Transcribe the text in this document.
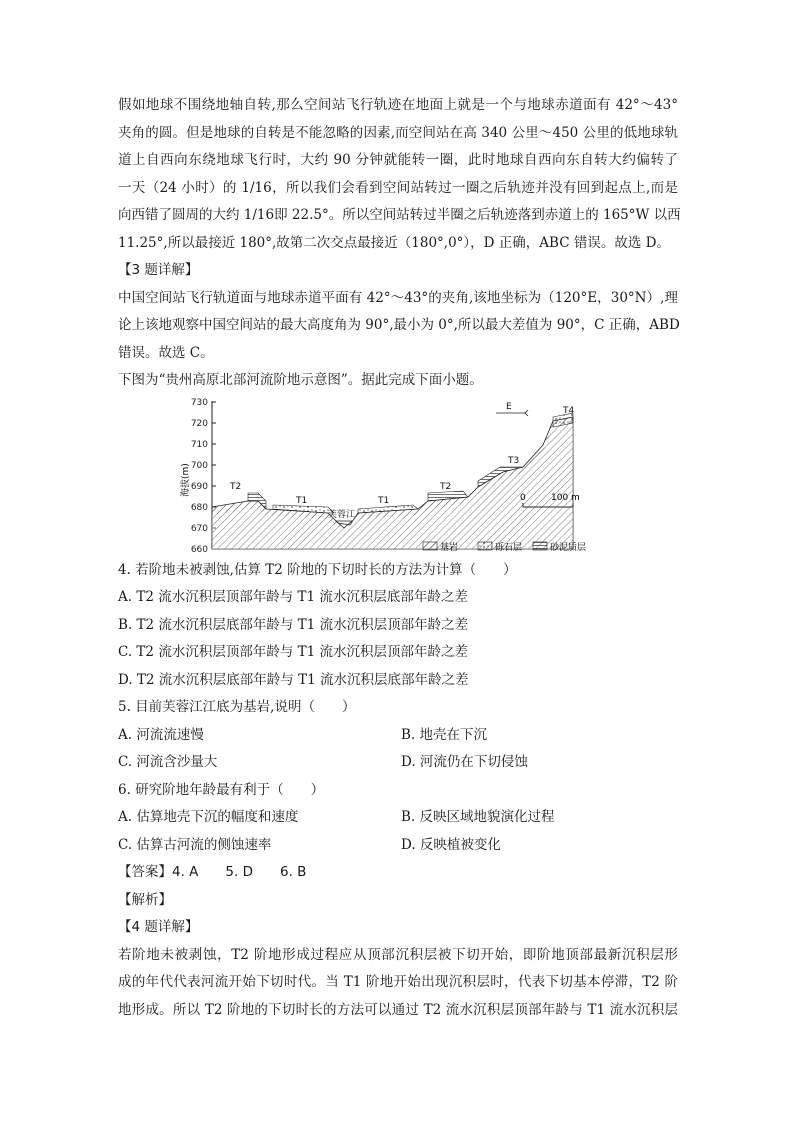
假如地球不围绕地轴自转,那么空间站飞行轨迹在地面上就是一个与地球赤道面有 42°～43°
夹角的圆。但是地球的自转是不能忽略的因素,而空间站在高 340 公里～450 公里的低地球轨
道上自西向东绕地球飞行时，大约 90 分钟就能转一圈，此时地球自西向东自转大约偏转了
一天（24 小时）的 1/16，所以我们会看到空间站转过一圈之后轨迹并没有回到起点上,而是
向西错了圆周的大约 1/16即 22.5°。所以空间站转过半圈之后轨迹落到赤道上的 165°W 以西
11.25°,所以最接近 180°,故第二次交点最接近（180°,0°），D 正确，ABC 错误。故选 D。
【3 题详解】
中国空间站飞行轨道面与地球赤道平面有 42°～43°的夹角,该地坐标为（120°E，30°N）,理
论上该地观察中国空间站的最大高度角为 90°,最小为 0°,所以最大差值为 90°，C 正确，ABD
错误。故选 C。
下图为“贵州高原北部河流阶地示意图”。据此完成下面小题。
730
720
710
700
690
680
670
660
海拔(m)	T2
T1	T1
T2
T3
T4
芙蓉江
E
0	100 m
基岩	砾石层	砂泥质层
4. 若阶地未被剥蚀,估算 T2 阶地的下切时长的方法为计算（　　）
A. T2 流水沉积层顶部年龄与 T1 流水沉积层底部年龄之差
B. T2 流水沉积层底部年龄与 T1 流水沉积层顶部年龄之差
C. T2 流水沉积层顶部年龄与 T1 流水沉积层顶部年龄之差
D. T2 流水沉积层底部年龄与 T1 流水沉积层底部年龄之差
5. 目前芙蓉江江底为基岩,说明（　　）
A. 河流流速慢	B. 地壳在下沉
C. 河流含沙量大	D. 河流仍在下切侵蚀
6. 研究阶地年龄最有利于（　　）
A. 估算地壳下沉的幅度和速度	B. 反映区域地貌演化过程
C. 估算古河流的侧蚀速率	D. 反映植被变化
【答案】4. A　　5. D　　6. B
【解析】
【4 题详解】
若阶地未被剥蚀，T2 阶地形成过程应从顶部沉积层被下切开始，即阶地顶部最新沉积层形
成的年代代表河流开始下切时代。当 T1 阶地开始出现沉积层时，代表下切基本停滞，T2 阶
地形成。所以 T2 阶地的下切时长的方法可以通过 T2 流水沉积层顶部年龄与 T1 流水沉积层
